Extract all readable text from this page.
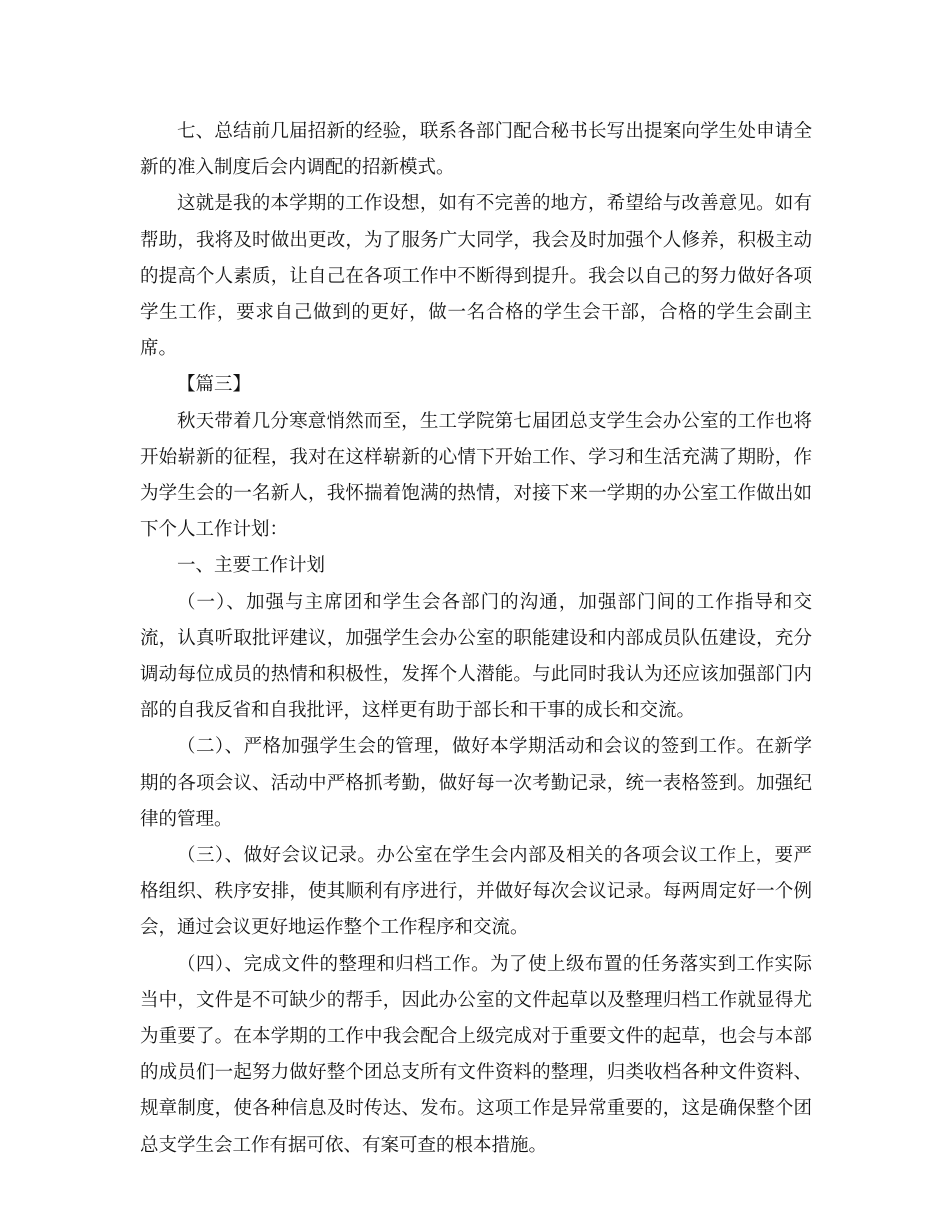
七、总结前几届招新的经验，联系各部门配合秘书长写出提案向学生处申请全新的准入制度后会内调配的招新模式。

这就是我的本学期的工作设想，如有不完善的地方，希望给与改善意见。如有帮助，我将及时做出更改，为了服务广大同学，我会及时加强个人修养，积极主动的提高个人素质，让自己在各项工作中不断得到提升。我会以自己的努力做好各项学生工作，要求自己做到的更好，做一名合格的学生会干部，合格的学生会副主席。

【篇三】

秋天带着几分寒意悄然而至，生工学院第七届团总支学生会办公室的工作也将开始崭新的征程，我对在这样崭新的心情下开始工作、学习和生活充满了期盼，作为学生会的一名新人，我怀揣着饱满的热情，对接下来一学期的办公室工作做出如下个人工作计划：

一、主要工作计划

（一）、加强与主席团和学生会各部门的沟通，加强部门间的工作指导和交流，认真听取批评建议，加强学生会办公室的职能建设和内部成员队伍建设，充分调动每位成员的热情和积极性，发挥个人潜能。与此同时我认为还应该加强部门内部的自我反省和自我批评，这样更有助于部长和干事的成长和交流。

（二）、严格加强学生会的管理，做好本学期活动和会议的签到工作。在新学期的各项会议、活动中严格抓考勤，做好每一次考勤记录，统一表格签到。加强纪律的管理。

（三）、做好会议记录。办公室在学生会内部及相关的各项会议工作上，要严格组织、秩序安排，使其顺利有序进行，并做好每次会议记录。每两周定好一个例会，通过会议更好地运作整个工作程序和交流。

（四）、完成文件的整理和归档工作。为了使上级布置的任务落实到工作实际当中，文件是不可缺少的帮手，因此办公室的文件起草以及整理归档工作就显得尤为重要了。在本学期的工作中我会配合上级完成对于重要文件的起草，也会与本部的成员们一起努力做好整个团总支所有文件资料的整理，归类收档各种文件资料、规章制度，使各种信息及时传达、发布。这项工作是异常重要的，这是确保整个团总支学生会工作有据可依、有案可查的根本措施。
